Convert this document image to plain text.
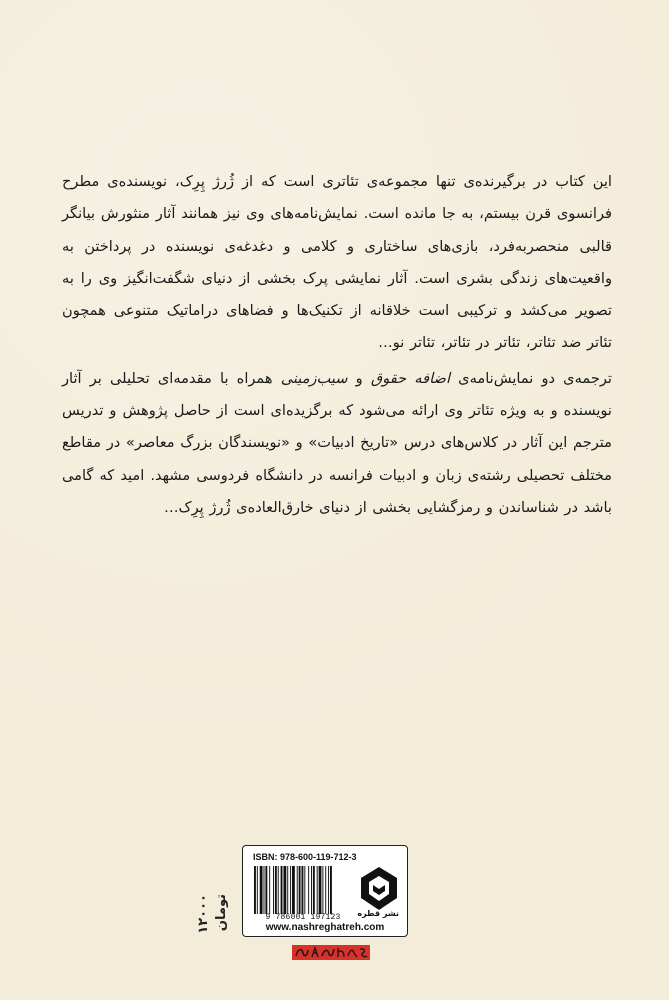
این کتاب در برگیرنده‌ی تنها مجموعه‌ی تئاتری است که از ژُرژ پِرِک، نویسنده‌ی مطرح فرانسوی قرن بیستم، به جا مانده است. نمایش‌نامه‌های وی نیز همانند آثار منثورش بیانگر قالبی منحصربه‌فرد، بازی‌های ساختاری و کلامی و دغدغه‌ی نویسنده در پرداختن به واقعیت‌های زندگی بشری است. آثار نمایشی پرک بخشی از دنیای شگفت‌انگیز وی را به تصویر می‌کشد و ترکیبی است خلاقانه از تکنیک‌ها و فضاهای دراماتیک متنوعی همچون تئاتر ضد تئاتر، تئاتر در تئاتر، تئاتر نو…

ترجمه‌ی دو نمایش‌نامه‌ی اضافه حقوق و سیب‌زمینی همراه با مقدمه‌ای تحلیلی بر آثار نویسنده و به ویژه تئاتر وی ارائه می‌شود که برگزیده‌ای است از حاصل پژوهش و تدریس مترجم این آثار در کلاس‌های درس «تاریخ ادبیات» و «نویسندگان بزرگ معاصر» در مقاطع مختلف تحصیلی رشته‌ی زبان و ادبیات فرانسه در دانشگاه فردوسی مشهد. امید که گامی باشد در شناساندن و رمزگشایی بخشی از دنیای خارق‌العاده‌ی ژُرژ پِرِک…

۱۲۰۰۰ تومان
ISBN: 978-600-119-712-3
9 786001 197123	نشر قطره
www.nashreghatreh.com
